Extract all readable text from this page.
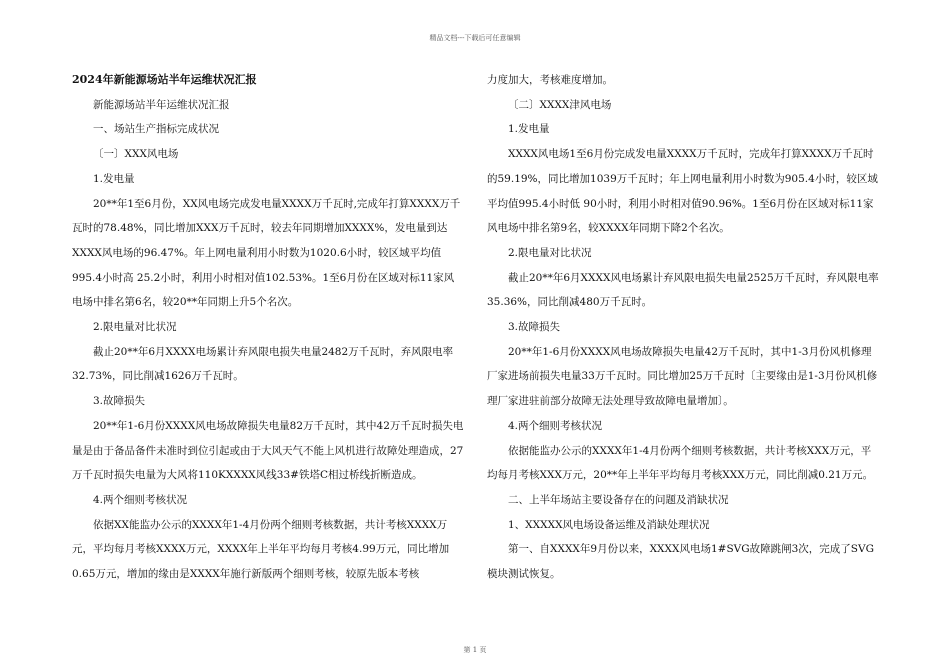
精品文档---下载后可任意编辑

2024年新能源场站半年运维状况汇报

新能源场站半年运维状况汇报

一、场站生产指标完成状况

〔一〕XXX风电场

1.发电量

20**年1至6月份，XX风电场完成发电量XXXX万千瓦时,完成年打算XXXX万千瓦时的78.48%，同比增加XXX万千瓦时，较去年同期增加XXXX%，发电量到达XXXX风电场的96.47%。年上网电量利用小时数为1020.6小时，较区域平均值995.4小时高 25.2小时，利用小时相对值102.53%。1至6月份在区域对标11家风电场中排名第6名，较20**年同期上升5个名次。

2.限电量对比状况

截止20**年6月XXXX电场累计弃风限电损失电量2482万千瓦时，弃风限电率32.73%，同比削减1626万千瓦时。

3.故障损失

20**年1-6月份XXXX风电场故障损失电量82万千瓦时，其中42万千瓦时损失电量是由于备品备件未准时到位引起或由于大风天气不能上风机进行故障处理造成，27万千瓦时损失电量为大风将110KXXXX风线33#铁塔C相过桥线折断造成。

4.两个细则考核状况

依据XX能监办公示的XXXX年1-4月份两个细则考核数据，共计考核XXXX万元，平均每月考核XXXX万元，XXXX年上半年平均每月考核4.99万元，同比增加0.65万元，增加的缘由是XXXX年施行新版两个细则考核，较原先版本考核

力度加大，考核难度增加。

〔二〕XXXX津风电场

1.发电量

XXXX风电场1至6月份完成发电量XXXX万千瓦时，完成年打算XXXX万千瓦时的59.19%，同比增加1039万千瓦时；年上网电量利用小时数为905.4小时，较区域平均值995.4小时低 90小时，利用小时相对值90.96%。1至6月份在区域对标11家风电场中排名第9名，较XXXX年同期下降2个名次。

2.限电量对比状况

截止20**年6月XXXX风电场累计弃风限电损失电量2525万千瓦时，弃风限电率35.36%，同比削减480万千瓦时。

3.故障损失

20**年1-6月份XXXX风电场故障损失电量42万千瓦时，其中1-3月份风机修理厂家进场前损失电量33万千瓦时。同比增加25万千瓦时〔主要缘由是1-3月份风机修理厂家进驻前部分故障无法处理导致故障电量增加〕。

4.两个细则考核状况

依据能监办公示的XXXX年1-4月份两个细则考核数据，共计考核XXX万元，平均每月考核XXX万元，20**年上半年平均每月考核XXX万元，同比削减0.21万元。

二、上半年场站主要设备存在的问题及消缺状况

1、XXXXX风电场设备运维及消缺处理状况

第一、自XXXX年9月份以来，XXXX风电场1#SVG故障跳闸3次，完成了SVG模块测试恢复。

第 1 页
